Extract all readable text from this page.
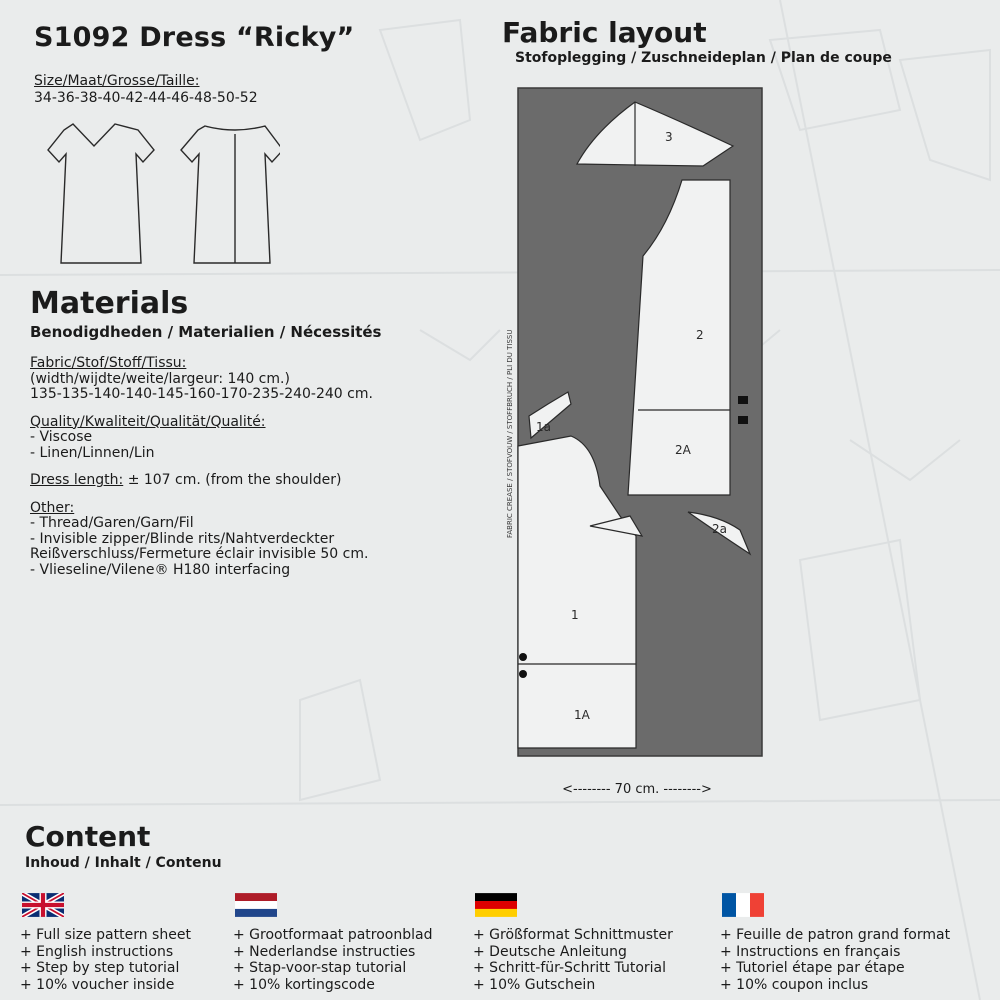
S1092 Dress “Ricky”
Size/Maat/Grosse/Taille:
34-36-38-40-42-44-46-48-50-52
Materials
Benodigdheden / Materialien / Nécessités
Fabric/Stof/Stoff/Tissu:
(width/wijdte/weite/largeur: 140 cm.)
135-135-140-140-145-160-170-235-240-240 cm.
Quality/Kwaliteit/Qualität/Qualité:
- Viscose
- Linen/Linnen/Lin
Dress length: ± 107 cm. (from the shoulder)
Other:
- Thread/Garen/Garn/Fil
- Invisible zipper/Blinde rits/Nahtverdeckter
Reißverschluss/Fermeture éclair invisible 50 cm.
- Vlieseline/Vilene® H180 interfacing
Fabric layout
Stofoplegging / Zuschneideplan / Plan de coupe
3
2
2A
1a
2a
1
1A
FABRIC CREASE / STOFVOUW / STOFFBRUCH / PLI DU TISSU
<-------- 70 cm. -------->
Content
Inhoud / Inhalt / Contenu
+ Full size pattern sheet
+ English instructions
+ Step by step tutorial
+ 10% voucher inside
+ Grootformaat patroonblad
+ Nederlandse instructies
+ Stap-voor-stap tutorial
+ 10% kortingscode
+ Größformat Schnittmuster
+ Deutsche Anleitung
+ Schritt-für-Schritt Tutorial
+ 10% Gutschein
+ Feuille de patron grand format
+ Instructions en français
+ Tutoriel étape par étape
+ 10% coupon inclus
